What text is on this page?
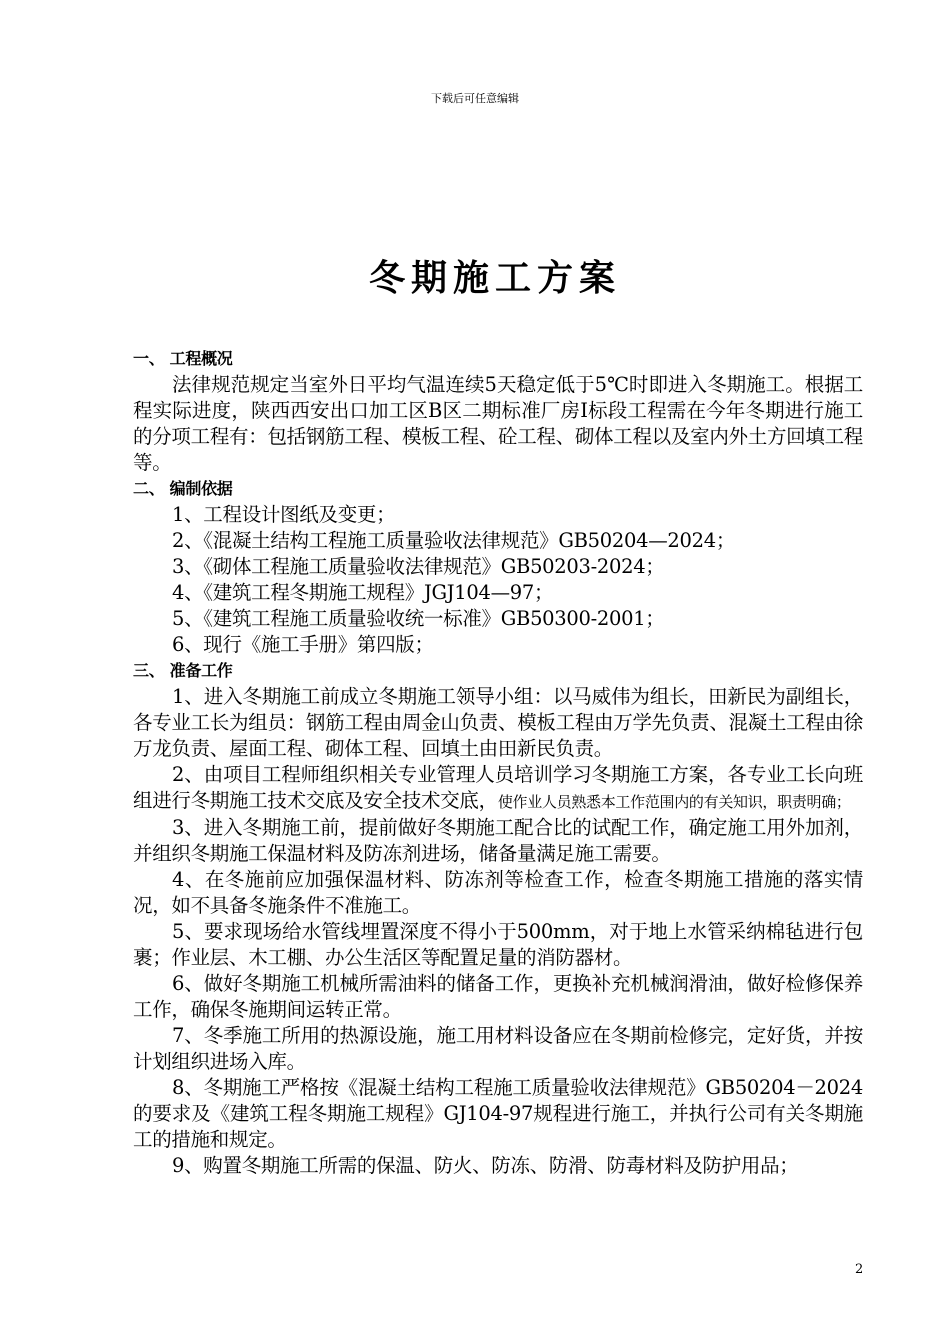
下载后可任意编辑
冬期施工方案
一、 工程概况

法律规范规定当室外日平均气温连续5天稳定低于5℃时即进入冬期施工。根据工程实际进度，陕西西安出口加工区B区二期标准厂房I标段工程需在今年冬期进行施工的分项工程有：包括钢筋工程、模板工程、砼工程、砌体工程以及室内外土方回填工程等。

二、 编制依据

1、工程设计图纸及变更；

2、《混凝土结构工程施工质量验收法律规范》GB50204—2024；

3、《砌体工程施工质量验收法律规范》GB50203-2024；

4、《建筑工程冬期施工规程》JGJ104—97；

5、《建筑工程施工质量验收统一标准》GB50300-2001；

6、现行《施工手册》第四版；

三、 准备工作

1、进入冬期施工前成立冬期施工领导小组：以马威伟为组长，田新民为副组长，各专业工长为组员：钢筋工程由周金山负责、模板工程由万学先负责、混凝土工程由徐万龙负责、屋面工程、砌体工程、回填土由田新民负责。

2、由项目工程师组织相关专业管理人员培训学习冬期施工方案，各专业工长向班组进行冬期施工技术交底及安全技术交底，使作业人员熟悉本工作范围内的有关知识，职责明确；

3、进入冬期施工前，提前做好冬期施工配合比的试配工作，确定施工用外加剂，并组织冬期施工保温材料及防冻剂进场，储备量满足施工需要。

4、在冬施前应加强保温材料、防冻剂等检查工作，检查冬期施工措施的落实情况，如不具备冬施条件不准施工。

5、要求现场给水管线埋置深度不得小于500mm，对于地上水管采纳棉毡进行包裹；作业层、木工棚、办公生活区等配置足量的消防器材。

6、做好冬期施工机械所需油料的储备工作，更换补充机械润滑油，做好检修保养工作，确保冬施期间运转正常。

7、冬季施工所用的热源设施，施工用材料设备应在冬期前检修完，定好货，并按计划组织进场入库。

8、冬期施工严格按《混凝土结构工程施工质量验收法律规范》GB50204－2024的要求及《建筑工程冬期施工规程》GJ104-97规程进行施工，并执行公司有关冬期施工的措施和规定。

9、购置冬期施工所需的保温、防火、防冻、防滑、防毒材料及防护用品；

2
